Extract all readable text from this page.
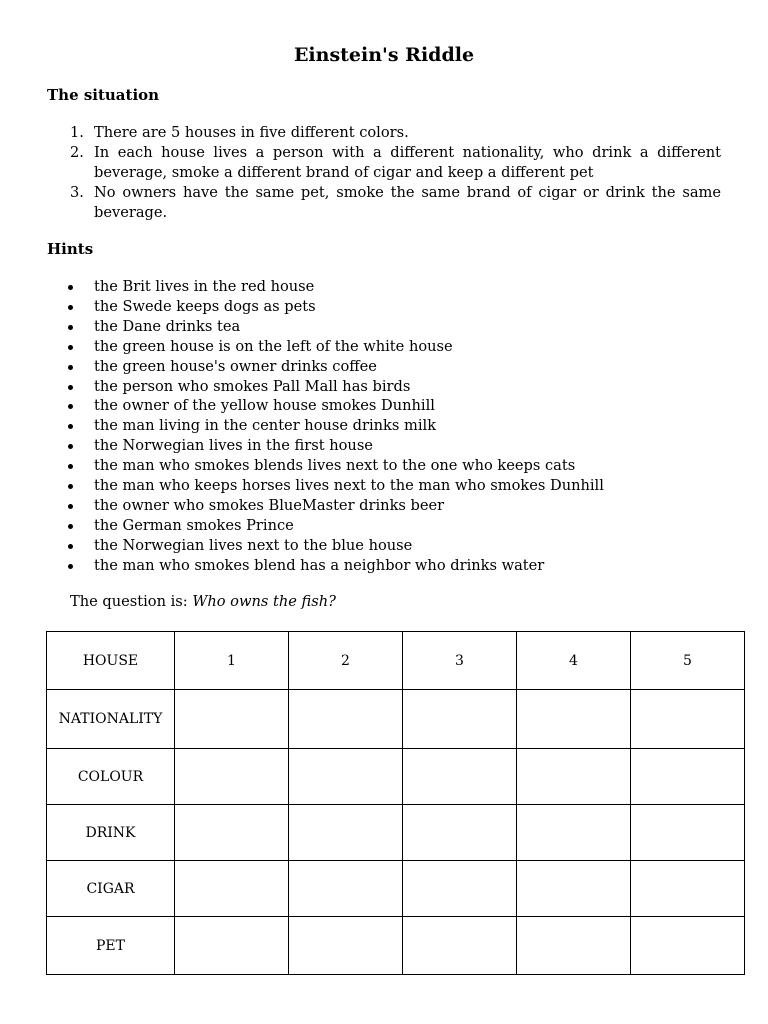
Einstein's Riddle
The situation
1. There are 5 houses in five different colors.
2. In each house lives a person with a different nationality, who drink a different beverage, smoke a different brand of cigar and keep a different pet
3. No owners have the same pet, smoke the same brand of cigar or drink the same beverage.
Hints
the Brit lives in the red house
the Swede keeps dogs as pets
the Dane drinks tea
the green house is on the left of the white house
the green house's owner drinks coffee
the person who smokes Pall Mall has birds
the owner of the yellow house smokes Dunhill
the man living in the center house drinks milk
the Norwegian lives in the first house
the man who smokes blends lives next to the one who keeps cats
the man who keeps horses lives next to the man who smokes Dunhill
the owner who smokes BlueMaster drinks beer
the German smokes Prince
the Norwegian lives next to the blue house
the man who smokes blend has a neighbor who drinks water
The question is: Who owns the fish?
HOUSE	1	2	3	4	5
NATIONALITY					
COLOUR					
DRINK					
CIGAR					
PET					
